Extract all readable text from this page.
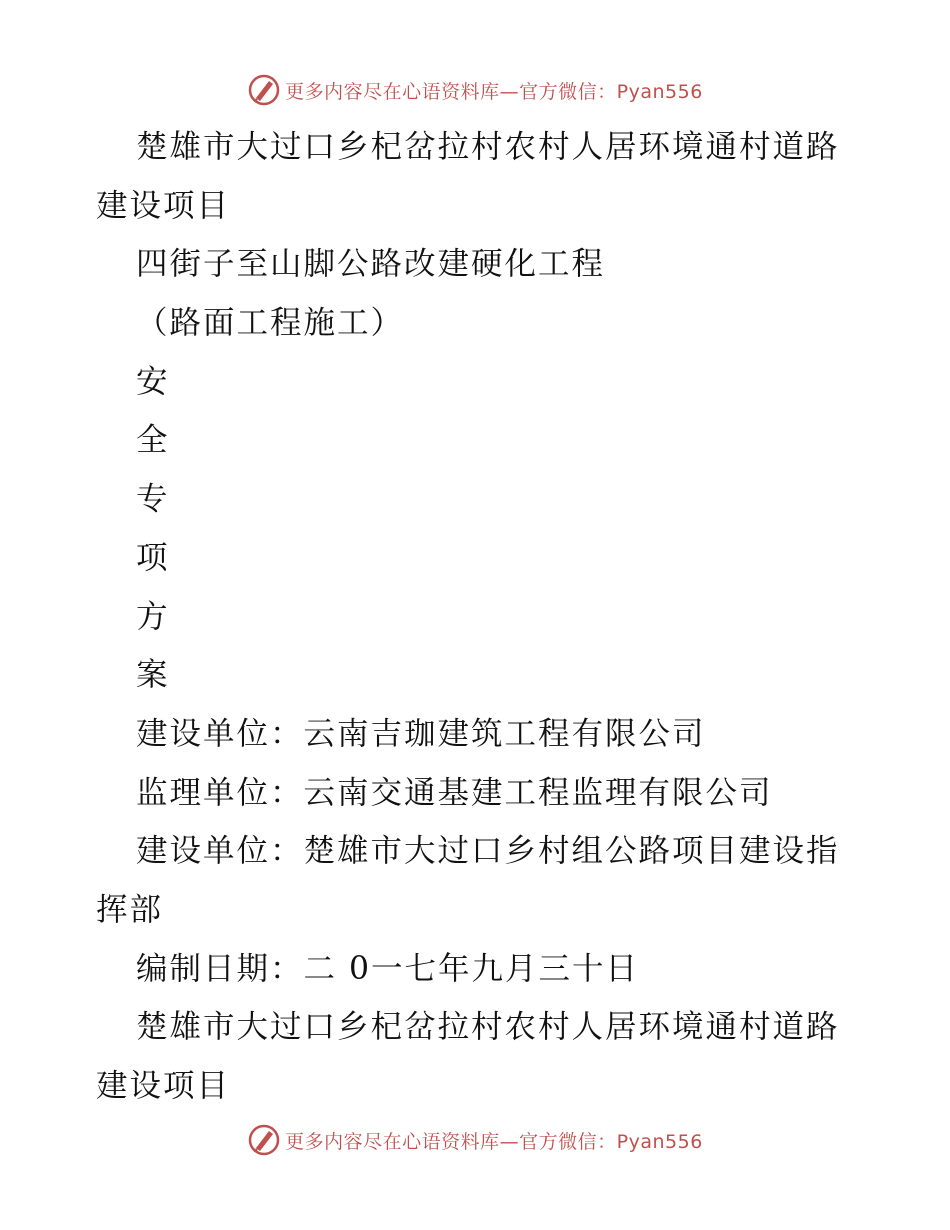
更多内容尽在心语资料库—官方微信：Pyan556
楚雄市大过口乡杞岔拉村农村人居环境通村道路
建设项目
四街子至山脚公路改建硬化工程
（路面工程施工）
安
全
专
项
方
案
建设单位：云南吉珈建筑工程有限公司
监理单位：云南交通基建工程监理有限公司
建设单位：楚雄市大过口乡村组公路项目建设指
挥部
编制日期：二 0一七年九月三十日
楚雄市大过口乡杞岔拉村农村人居环境通村道路
建设项目
更多内容尽在心语资料库—官方微信：Pyan556
